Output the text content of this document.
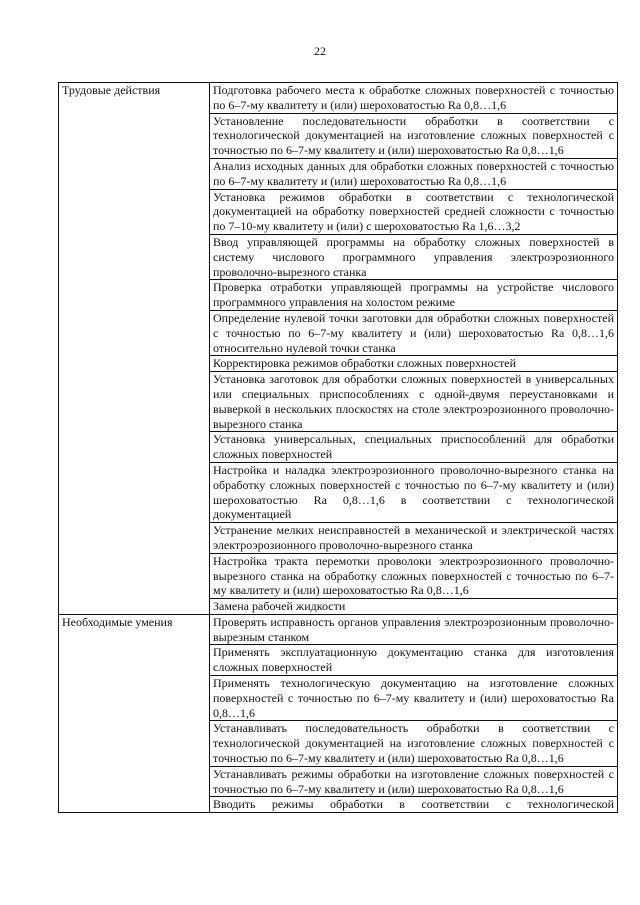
22
Трудовые действия	Подготовка рабочего места к обработке сложных поверхностей с точностью по 6–7-му квалитету и (или) шероховатостью Ra 0,8…1,6
	Установление последовательности обработки в соответствии с технологической документацией на изготовление сложных поверхностей с точностью по 6–7-му квалитету и (или) шероховатостью Ra 0,8…1,6
	Анализ исходных данных для обработки сложных поверхностей с точностью по 6–7-му квалитету и (или) шероховатостью Ra 0,8…1,6
	Установка режимов обработки в соответствии с технологической документацией на обработку поверхностей средней сложности с точностью по 7–10-му квалитету и (или) с шероховатостью Ra 1,6…3,2
	Ввод управляющей программы на обработку сложных поверхностей в систему числового программного управления электроэрозионного проволочно-вырезного станка
	Проверка отработки управляющей программы на устройстве числового программного управления на холостом режиме
	Определение нулевой точки заготовки для обработки сложных поверхностей с точностью по 6–7-му квалитету и (или) шероховатостью Ra 0,8…1,6 относительно нулевой точки станка
	Корректировка режимов обработки сложных поверхностей
	Установка заготовок для обработки сложных поверхностей в универсальных или специальных приспособлениях с одной-двумя переустановками и выверкой в нескольких плоскостях на столе электроэрозионного проволочно-вырезного станка
	Установка универсальных, специальных приспособлений для обработки сложных поверхностей
	Настройка и наладка электроэрозионного проволочно-вырезного станка на обработку сложных поверхностей с точностью по 6–7-му квалитету и (или) шероховатостью Ra 0,8…1,6 в соответствии с технологической документацией
	Устранение мелких неисправностей в механической и электрической частях электроэрозионного проволочно-вырезного станка
	Настройка тракта перемотки проволоки электроэрозионного проволочно-вырезного станка на обработку сложных поверхностей с точностью по 6–7-му квалитету и (или) шероховатостью Ra 0,8…1,6
	Замена рабочей жидкости
Необходимые умения	Проверять исправность органов управления электроэрозионным проволочно-вырезным станком
	Применять эксплуатационную документацию станка для изготовления сложных поверхностей
	Применять технологическую документацию на изготовление сложных поверхностей с точностью по 6–7-му квалитету и (или) шероховатостью Ra 0,8…1,6
	Устанавливать последовательность обработки в соответствии с технологической документацией на изготовление сложных поверхностей с точностью по 6–7-му квалитету и (или) шероховатостью Ra 0,8…1,6
	Устанавливать режимы обработки на изготовление сложных поверхностей с точностью по 6–7-му квалитету и (или) шероховатостью Ra 0,8…1,6
	Вводить режимы обработки в соответствии с технологической
